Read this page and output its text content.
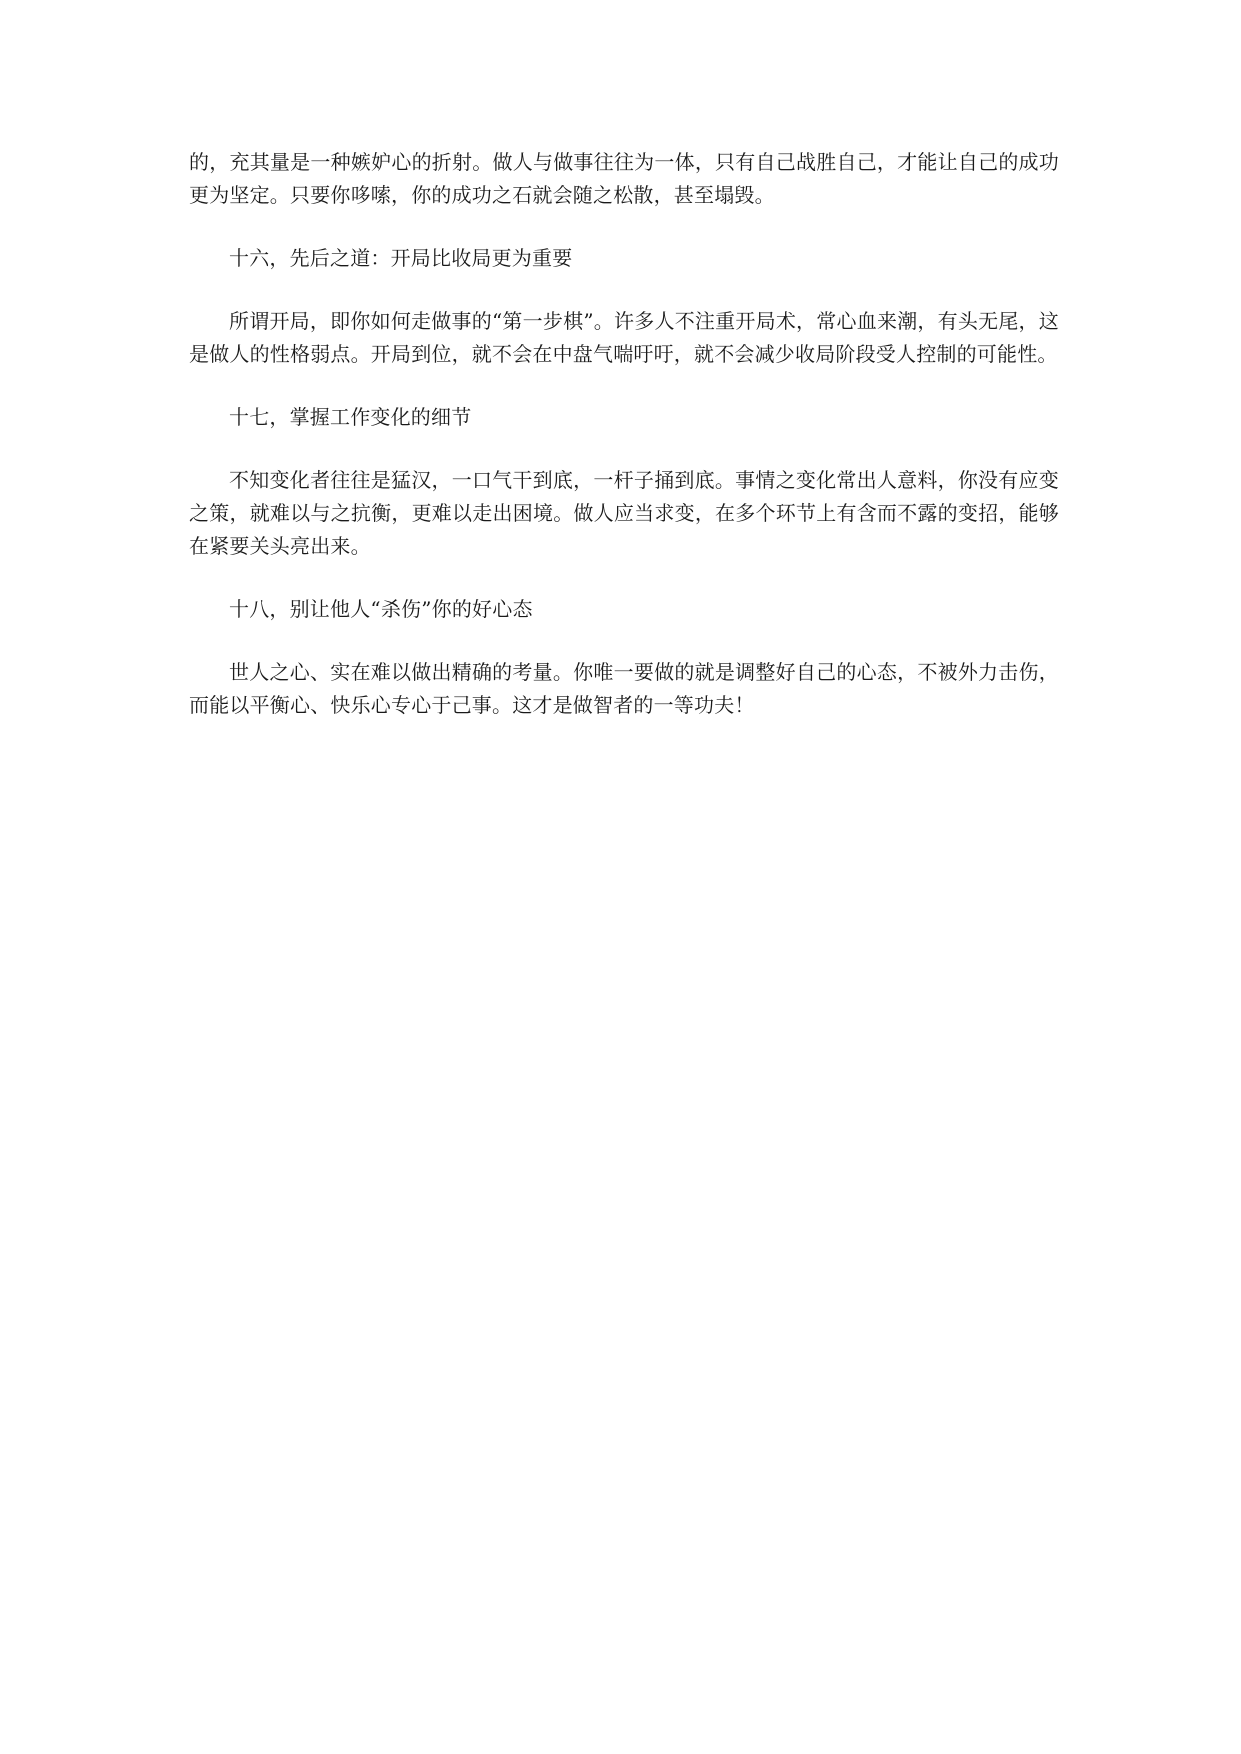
的，充其量是一种嫉妒心的折射。做人与做事往往为一体，只有自己战胜自己，才能让自己的成功更为坚定。只要你哆嗦，你的成功之石就会随之松散，甚至塌毁。

十六，先后之道：开局比收局更为重要

所谓开局，即你如何走做事的“第一步棋”。许多人不注重开局术，常心血来潮，有头无尾，这是做人的性格弱点。开局到位，就不会在中盘气喘吁吁，就不会减少收局阶段受人控制的可能性。

十七，掌握工作变化的细节

不知变化者往往是猛汉，一口气干到底，一杆子捅到底。事情之变化常出人意料，你没有应变之策，就难以与之抗衡，更难以走出困境。做人应当求变，在多个环节上有含而不露的变招，能够在紧要关头亮出来。

十八，别让他人“杀伤”你的好心态

世人之心、实在难以做出精确的考量。你唯一要做的就是调整好自己的心态，不被外力击伤，而能以平衡心、快乐心专心于己事。这才是做智者的一等功夫！
